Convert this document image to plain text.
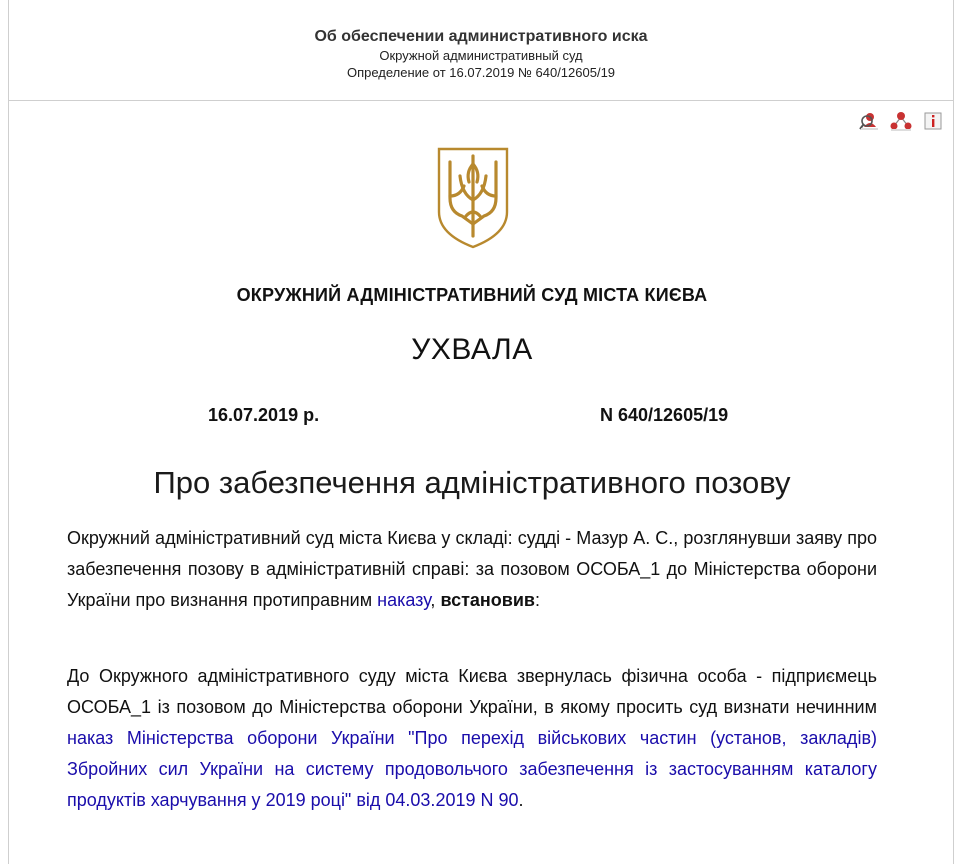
Об обеспечении административного иска
Окружной административный суд
Определение от 16.07.2019 № 640/12605/19
ОКРУЖНИЙ АДМІНІСТРАТИВНИЙ СУД МІСТА КИЄВА
УХВАЛА
16.07.2019 р.	N 640/12605/19
Про забезпечення адміністративного позову
Окружний адміністративний суд міста Києва у складі: судді - Мазур А. С., розглянувши заяву про забезпечення позову в адміністративній справі: за позовом ОСОБА_1 до Міністерства оборони України про визнання протиправним наказу, встановив:
До Окружного адміністративного суду міста Києва звернулась фізична особа - підприємець ОСОБА_1 із позовом до Міністерства оборони України, в якому просить суд визнати нечинним наказ Міністерства оборони України "Про перехід військових частин (установ, закладів) Збройних сил України на систему продовольчого забезпечення із застосуванням каталогу продуктів харчування у 2019 році" від 04.03.2019 N 90.
